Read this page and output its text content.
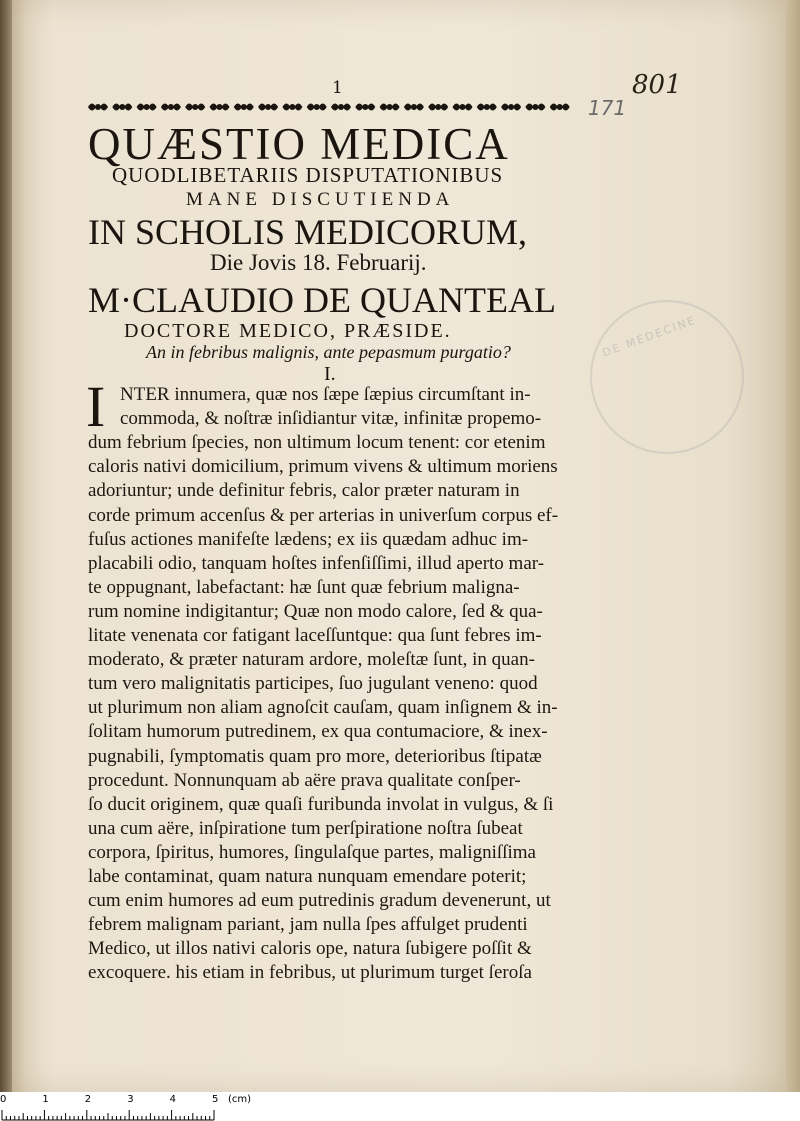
DE MÉDECINE
1	801
171
QUÆSTIO MEDICA
QUODLIBETARIIS DISPUTATIONIBUS
MANE DISCUTIENDA
IN SCHOLIS MEDICORUM,
Die Jovis 18. Februarij.
M·CLAUDIO DE QUANTEAL
DOCTORE MEDICO, PRÆSIDE.
An in febribus malignis, ante pepasmum purgatio?
I.
I NTER innumera, quæ nos ſæpe ſæpius circumſtant in-
commoda, & noſtræ inſidiantur vitæ, infinitæ propemo-
dum febrium ſpecies, non ultimum locum tenent: cor etenim
caloris nativi domicilium, primum vivens & ultimum moriens
adoriuntur; unde definitur febris, calor præter naturam in
corde primum accenſus & per arterias in univerſum corpus ef-
fuſus actiones manifeſte lædens; ex iis quædam adhuc im-
placabili odio, tanquam hoſtes infenſiſſimi, illud aperto mar-
te oppugnant, labefactant: hæ ſunt quæ febrium maligna-
rum nomine indigitantur; Quæ non modo calore, ſed & qua-
litate venenata cor fatigant laceſſuntque: qua ſunt febres im-
moderato, & præter naturam ardore, moleſtæ ſunt, in quan-
tum vero malignitatis participes, ſuo jugulant veneno: quod
ut plurimum non aliam agnoſcit cauſam, quam inſignem & in-
ſolitam humorum putredinem, ex qua contumaciore, & inex-
pugnabili, ſymptomatis quam pro more, deterioribus ſtipatæ
procedunt. Nonnunquam ab aëre prava qualitate conſper-
ſo ducit originem, quæ quaſi furibunda involat in vulgus, & ſi
una cum aëre, inſpiratione tum perſpiratione noſtra ſubeat
corpora, ſpiritus, humores, ſingulaſque partes, maligniſſima
labe contaminat, quam natura nunquam emendare poterit;
cum enim humores ad eum putredinis gradum devenerunt, ut
febrem malignam pariant, jam nulla ſpes affulget prudenti
Medico, ut illos nativi caloris ope, natura ſubigere poſſit &
excoquere. his etiam in febribus, ut plurimum turget ſeroſa
0	1	2	3	4	5 (cm)
